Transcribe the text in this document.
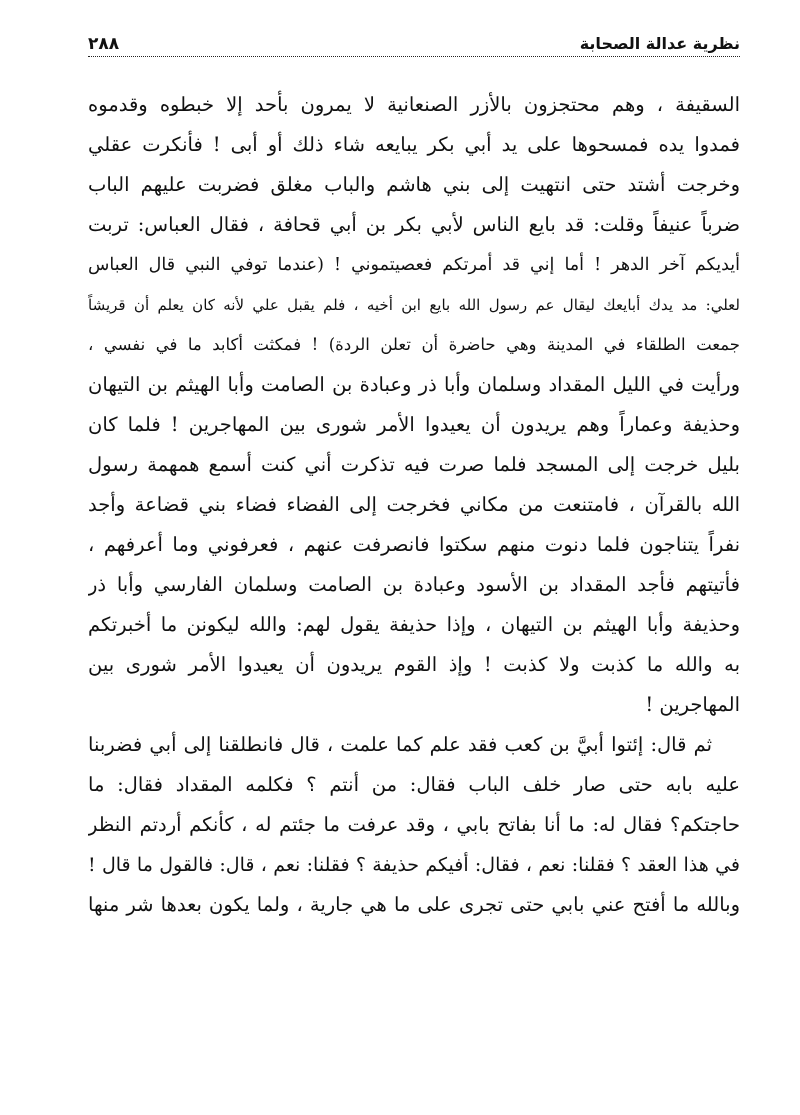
نظرية عدالة الصحابة
٢٨٨
السقيفة ، وهم محتجزون بالأزر الصنعانية لا يمرون بأحد إلا خبطوه وقدموه
فمدوا يده فمسحوها على يد أبي بكر يبايعه شاء ذلك أو أبى ! فأنكرت عقلي
وخرجت أشتد حتى انتهيت إلى بني هاشم والباب مغلق فضربت عليهم الباب
ضرباً عنيفاً وقلت: قد بايع الناس لأبي بكر بن أبي قحافة ، فقال العباس: تربت
أيديكم آخر الدهر ! أما إني قد أمرتكم فعصيتموني ! (عندما توفي النبي قال العباس
لعلي: مد يدك أبايعك ليقال عم رسول الله بايع ابن أخيه ، فلم يقبل علي لأنه كان يعلم أن قريشاً
جمعت الطلقاء في المدينة وهي حاضرة أن تعلن الردة) ! فمكثت أكابد ما في نفسي ،
ورأيت في الليل المقداد وسلمان وأبا ذر وعبادة بن الصامت وأبا الهيثم بن التيهان
وحذيفة وعماراً وهم يريدون أن يعيدوا الأمر شورى بين المهاجرين ! فلما كان
بليل خرجت إلى المسجد فلما صرت فيه تذكرت أني كنت أسمع همهمة رسول
الله بالقرآن ، فامتنعت من مكاني فخرجت إلى الفضاء فضاء بني قضاعة وأجد
نفراً يتناجون فلما دنوت منهم سكتوا فانصرفت عنهم ، فعرفوني وما أعرفهم ،
فأتيتهم فأجد المقداد بن الأسود وعبادة بن الصامت وسلمان الفارسي وأبا ذر
وحذيفة وأبا الهيثم بن التيهان ، وإذا حذيفة يقول لهم: والله ليكونن ما أخبرتكم
به والله ما كذبت ولا كذبت ! وإذ القوم يريدون أن يعيدوا الأمر شورى بين
المهاجرين !
ثم قال: إئتوا أبيَّ بن كعب فقد علم كما علمت ، قال فانطلقنا إلى أبي فضربنا
عليه بابه حتى صار خلف الباب فقال: من أنتم ؟ فكلمه المقداد فقال: ما
حاجتكم؟ فقال له: ما أنا بفاتح بابي ، وقد عرفت ما جئتم له ، كأنكم أردتم النظر
في هذا العقد ؟ فقلنا: نعم ، فقال: أفيكم حذيفة ؟ فقلنا: نعم ، قال: فالقول ما قال !
وبالله ما أفتح عني بابي حتى تجرى على ما هي جارية ، ولما يكون بعدها شر منها
